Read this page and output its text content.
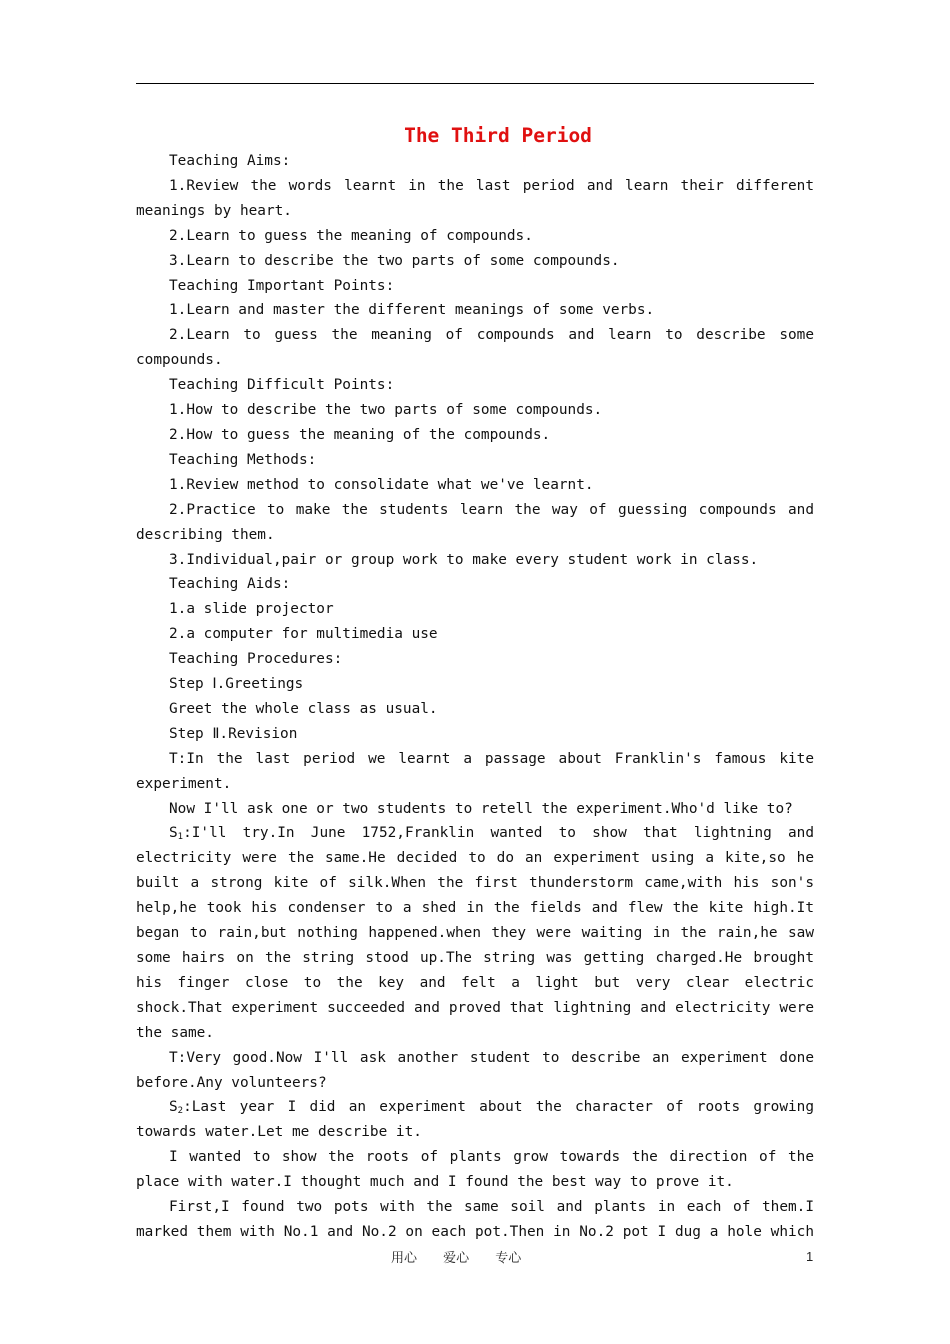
The Third Period

Teaching Aims:

1.Review the words learnt in the last period and learn their different meanings by heart.

2.Learn to guess the meaning of compounds.

3.Learn to describe the two parts of some compounds.

Teaching Important Points:

1.Learn and master the different meanings of some verbs.

2.Learn to guess the meaning of compounds and learn to describe some compounds.

Teaching Difficult Points:

1.How to describe the two parts of some compounds.

2.How to guess the meaning of the compounds.

Teaching Methods:

1.Review method to consolidate what we've learnt.

2.Practice to make the students learn the way of guessing compounds and describing them.

3.Individual,pair or group work to make every student work in class.

Teaching Aids:

1.a slide projector

2.a computer for multimedia use

Teaching Procedures:

Step Ⅰ.Greetings

Greet the whole class as usual.

Step Ⅱ.Revision

T:In the last period we learnt a passage about Franklin's famous kite experiment.

Now I'll ask one or two students to retell the experiment.Who'd like to?

$S_1:I'll$ try.In June 1752,Franklin wanted to show that lightning and electricity were the same.He decided to do an experiment using a kite,so he built a strong kite of silk.When the first thunderstorm came,with his son's help,he took his condenser to a shed in the fields and flew the kite high.It began to rain,but nothing happened.when they were waiting in the rain,he saw some hairs on the string stood up.The string was getting charged.He brought his finger close to the key and felt a light but very clear electric shock.That experiment succeeded and proved that lightning and electricity were the same.

T:Very good.Now I'll ask another student to describe an experiment done before.Any volunteers?

$S_2:Last$ year I did an experiment about the character of roots growing towards water.Let me describe it.

I wanted to show the roots of plants grow towards the direction of the place with water.I thought much and I found the best way to prove it.

First,I found two pots with the same soil and plants in each of them.I marked them with No.1 and No.2 on each pot.Then in No.2 pot I dug a hole which

用心 爱心 专心	1
